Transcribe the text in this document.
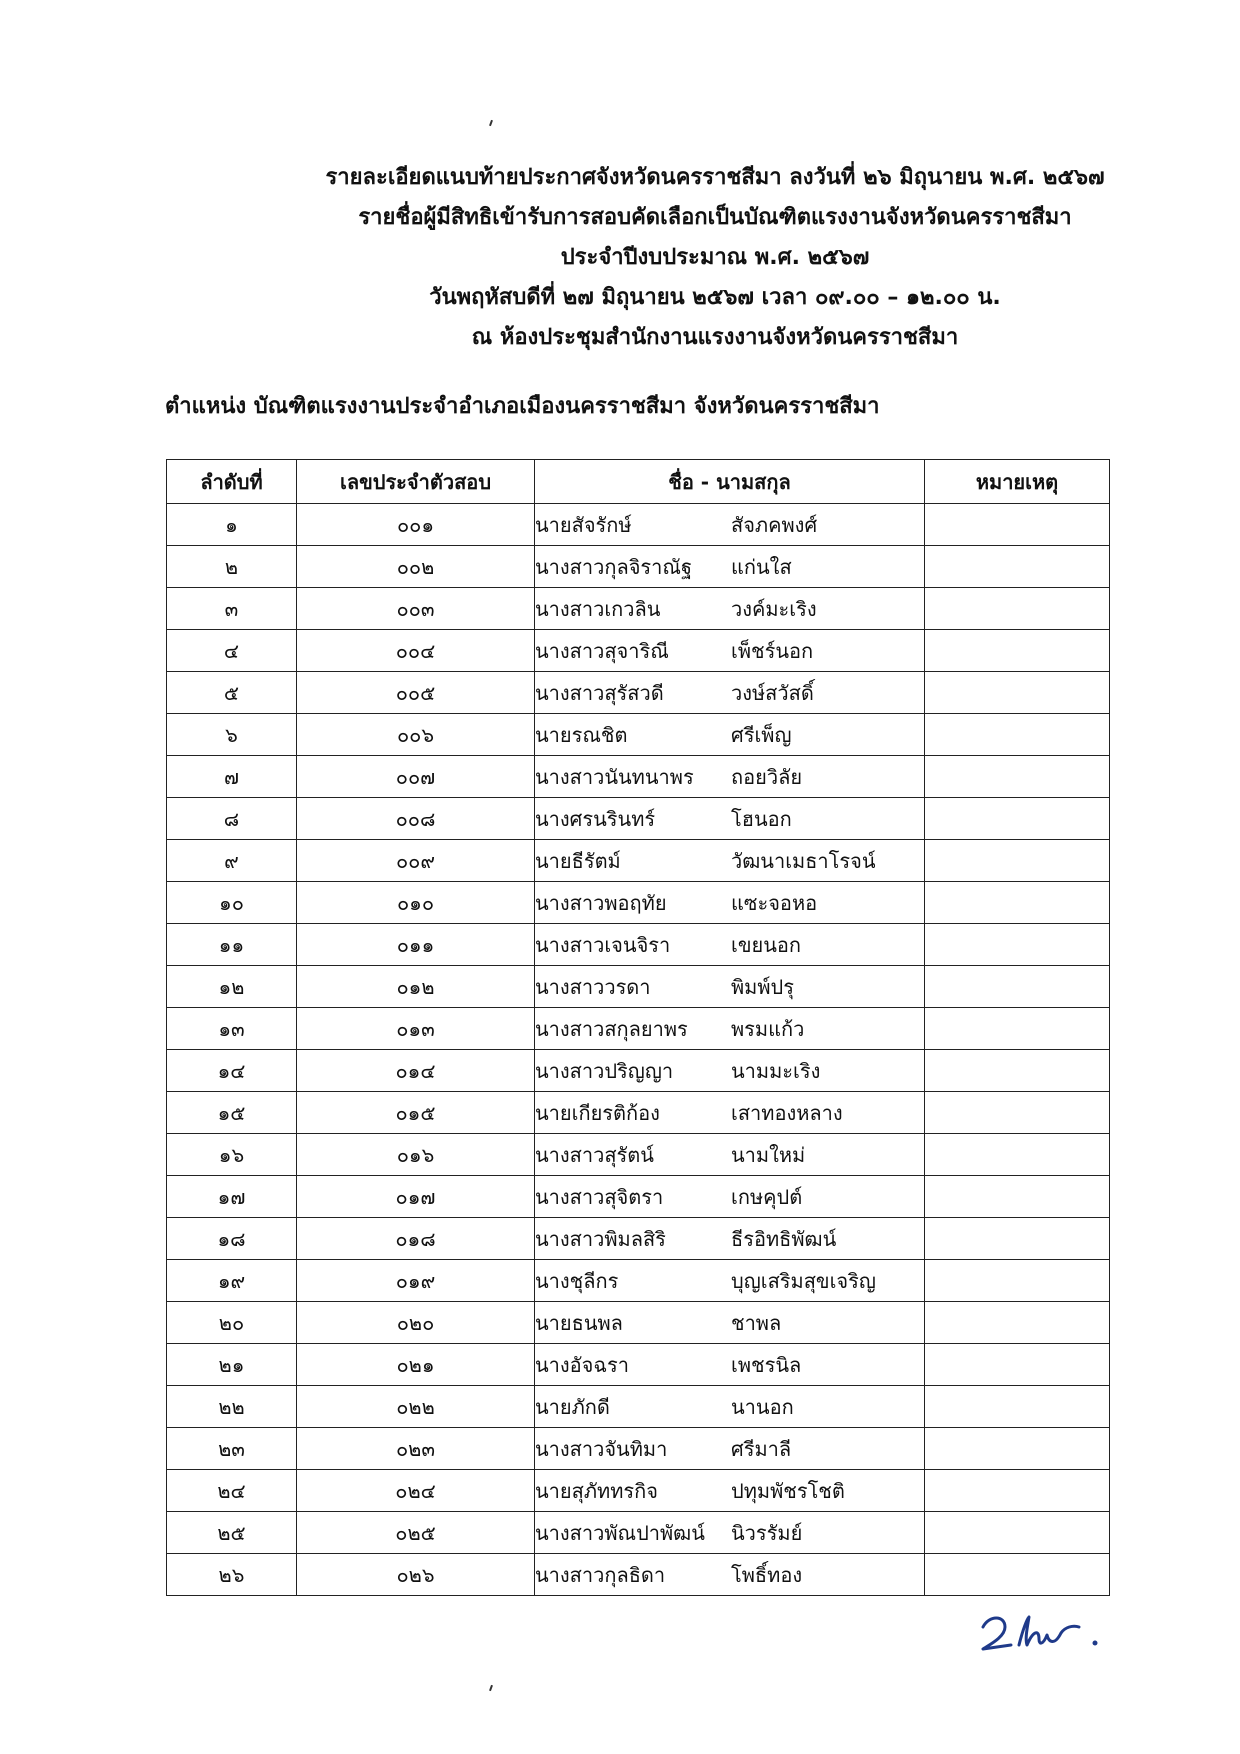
รายละเอียดแนบท้ายประกาศจังหวัดนครราชสีมา ลงวันที่ ๒๖ มิถุนายน พ.ศ. ๒๕๖๗
รายชื่อผู้มีสิทธิเข้ารับการสอบคัดเลือกเป็นบัณฑิตแรงงานจังหวัดนครราชสีมา
ประจำปีงบประมาณ พ.ศ. ๒๕๖๗
วันพฤหัสบดีที่ ๒๗ มิถุนายน ๒๕๖๗ เวลา ๐๙.๐๐ – ๑๒.๐๐ น.
ณ ห้องประชุมสำนักงานแรงงานจังหวัดนครราชสีมา
ตำแหน่ง บัณฑิตแรงงานประจำอำเภอเมืองนครราชสีมา จังหวัดนครราชสีมา
ลำดับที่	เลขประจำตัวสอบ	ชื่อ - นามสกุล	หมายเหตุ
๑	๐๐๑	นายสัจรักษ์ สัจภคพงศ์	
๒	๐๐๒	นางสาวกุลจิราณัฐ แก่นใส	
๓	๐๐๓	นางสาวเกวลิน วงค์มะเริง	
๔	๐๐๔	นางสาวสุจาริณี เพ็ชร์นอก	
๕	๐๐๕	นางสาวสุรัสวดี วงษ์สวัสดิ์	
๖	๐๐๖	นายรณชิต ศรีเพ็ญ	
๗	๐๐๗	นางสาวนันทนาพร ถอยวิลัย	
๘	๐๐๘	นางศรนรินทร์ โฮนอก	
๙	๐๐๙	นายธีรัตม์ วัฒนาเมธาโรจน์	
๑๐	๐๑๐	นางสาวพอฤทัย แซะจอหอ	
๑๑	๐๑๑	นางสาวเจนจิรา เขยนอก	
๑๒	๐๑๒	นางสาววรดา พิมพ์ปรุ	
๑๓	๐๑๓	นางสาวสกุลยาพร พรมแก้ว	
๑๔	๐๑๔	นางสาวปริญญา นามมะเริง	
๑๕	๐๑๕	นายเกียรติก้อง เสาทองหลาง	
๑๖	๐๑๖	นางสาวสุรัตน์ นามใหม่	
๑๗	๐๑๗	นางสาวสุจิตรา เกษคุปต์	
๑๘	๐๑๘	นางสาวพิมลสิริ ธีรอิทธิพัฒน์	
๑๙	๐๑๙	นางชุลีกร บุญเสริมสุขเจริญ	
๒๐	๐๒๐	นายธนพล ชาพล	
๒๑	๐๒๑	นางอัจฉรา เพชรนิล	
๒๒	๐๒๒	นายภักดี นานอก	
๒๓	๐๒๓	นางสาวจันทิมา ศรีมาลี	
๒๔	๐๒๔	นายสุภัททรกิจ ปทุมพัชรโชติ	
๒๕	๐๒๕	นางสาวพัณปาพัฒน์ นิวรรัมย์	
๒๖	๐๒๖	นางสาวกุลธิดา โพธิ์ทอง	
